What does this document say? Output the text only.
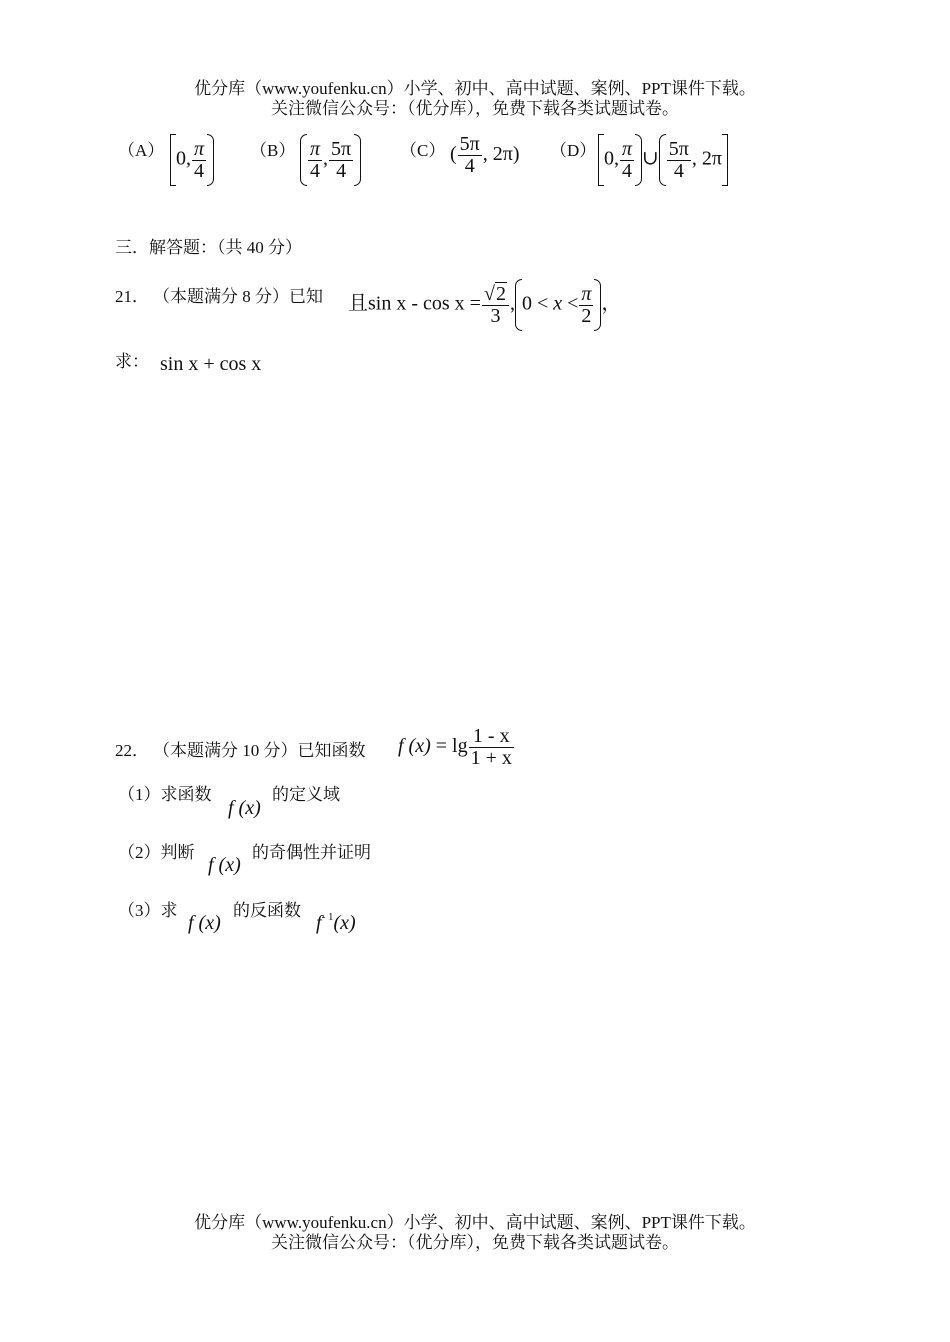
优分库（www.youfenku.cn）小学、初中、高中试题、案例、PPT课件下载。
关注微信公众号：（优分库），免费下载各类试题试卷。
（A） 0, $\frac{\pi}{4}$	$(B) \frac{\pi}{4}$ , $\frac{5\pi}{4}$	（C） ( $\frac{5\pi}{4}$ , 2π) （D） 0, $\frac{\pi}{4}$ ∪ $\frac{5\pi}{4}$ , 2π
三．解答题：（共 40 分）
21． （本题满分 8 分）已知 且$\sin x - \cos x = \frac{√2}{3}$ , $0 < x < \frac{\pi}{2}$ ，
求： sin x + cos x
22． （本题满分 10 分）已知函数 f $(x) = \lg \frac{1 - x}{1 + x}$
（1）求函数
f (x)
的定义域
（2）判断
f (x)
的奇偶性并证明
（3）求
f (x)
的反函数
$f^{- 1}(x)$
优分库（www.youfenku.cn）小学、初中、高中试题、案例、PPT课件下载。
关注微信公众号：（优分库），免费下载各类试题试卷。
